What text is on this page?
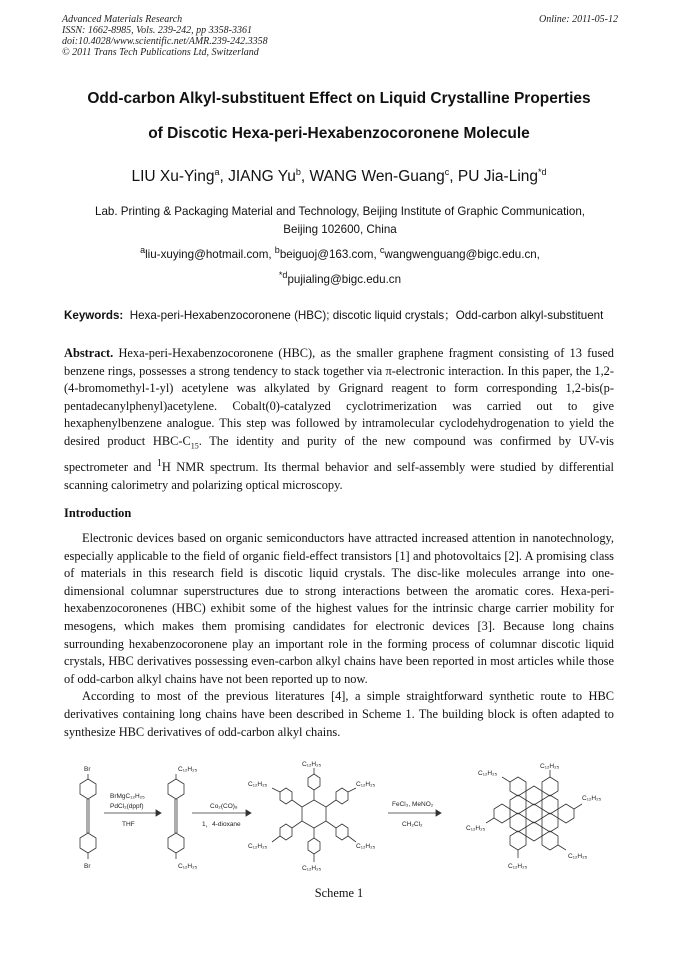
Advanced Materials Research
ISSN: 1662-8985, Vols. 239-242, pp 3358-3361
doi:10.4028/www.scientific.net/AMR.239-242.3358
© 2011 Trans Tech Publications Ltd, Switzerland
Online: 2011-05-12
Odd-carbon Alkyl-substituent Effect on Liquid Crystalline Properties
of Discotic Hexa-peri-Hexabenzocoronene Molecule
LIU Xu-Ying$^a$, JIANG Yu$^b$, WANG Wen-Guang$^c$, PU Jia-Ling$^{*d}$
Lab. Printing & Packaging Material and Technology, Beijing Institute of Graphic Communication,
Beijing 102600, China
$^a$liu-xuying@hotmail.com, $^b$beiguoj@163.com, $^c$wangwenguang@bigc.edu.cn,
$^{*d}$pujialing@bigc.edu.cn
Keywords: Hexa-peri-Hexabenzocoronene (HBC); discotic liquid crystals；Odd-carbon alkyl-substituent
Abstract. Hexa-peri-Hexabenzocoronene (HBC), as the smaller graphene fragment consisting of 13 fused benzene rings, possesses a strong tendency to stack together via π-electronic interaction. In this paper, the 1,2-(4-bromomethyl-1-yl) acetylene was alkylated by Grignard reagent to form corresponding 1,2-bis(p-pentadecanylphenyl)acetylene. Cobalt(0)-catalyzed cyclotrimerization was carried out to give hexaphenylbenzene analogue. This step was followed by intramolecular cyclodehydrogenation to yield the desired product HBC-$C_{15}$. The identity and purity of the new compound was confirmed by UV-vis spectrometer and $^1$H NMR spectrum. Its thermal behavior and self-assembly were studied by differential scanning calorimetry and polarizing optical microscopy.
Introduction

Electronic devices based on organic semiconductors have attracted increased attention in nanotechnology, especially applicable to the field of organic field-effect transistors [1] and photovoltaics [2]. A promising class of materials in this research field is discotic liquid crystals. The disc-like molecules arrange into one-dimensional columnar superstructures due to strong interactions between the aromatic cores. Hexa-peri-hexabenzocoronenes (HBC) exhibit some of the highest values for the intrinsic charge carrier mobility for mesogens, which makes them promising candidates for electronic devices [3]. Because long chains surrounding hexabenzocoronene play an important role in the forming process of columnar discotic liquid crystals, HBC derivatives possessing even-carbon alkyl chains have been reported in most articles while those of odd-carbon alkyl chains have not been reported up to now.

According to most of the previous literatures [4], a simple straightforward synthetic route to HBC derivatives containing long chains have been described in Scheme 1. The building block is often adapted to synthesize HBC derivatives of odd-carbon alkyl chains.

Br
Br
BrMgC₁₂H₂₅
PdCl₂(dppf)
THF
C₁₂H₂₅
C₁₂H₂₅
Co₂(CO)₈
1，4-dioxane
C₁₂H₂₅
C₁₂H₂₅
C₁₂H₂₅
C₁₂H₂₅
C₁₂H₂₅
C₁₂H₂₅
FeCl₃, MeNO₂
CH₂Cl₂
C₁₂H₂₅
C₁₂H₂₅
C₁₂H₂₅
C₁₂H₂₅
C₁₂H₂₅
C₁₂H₂₅
Scheme 1
